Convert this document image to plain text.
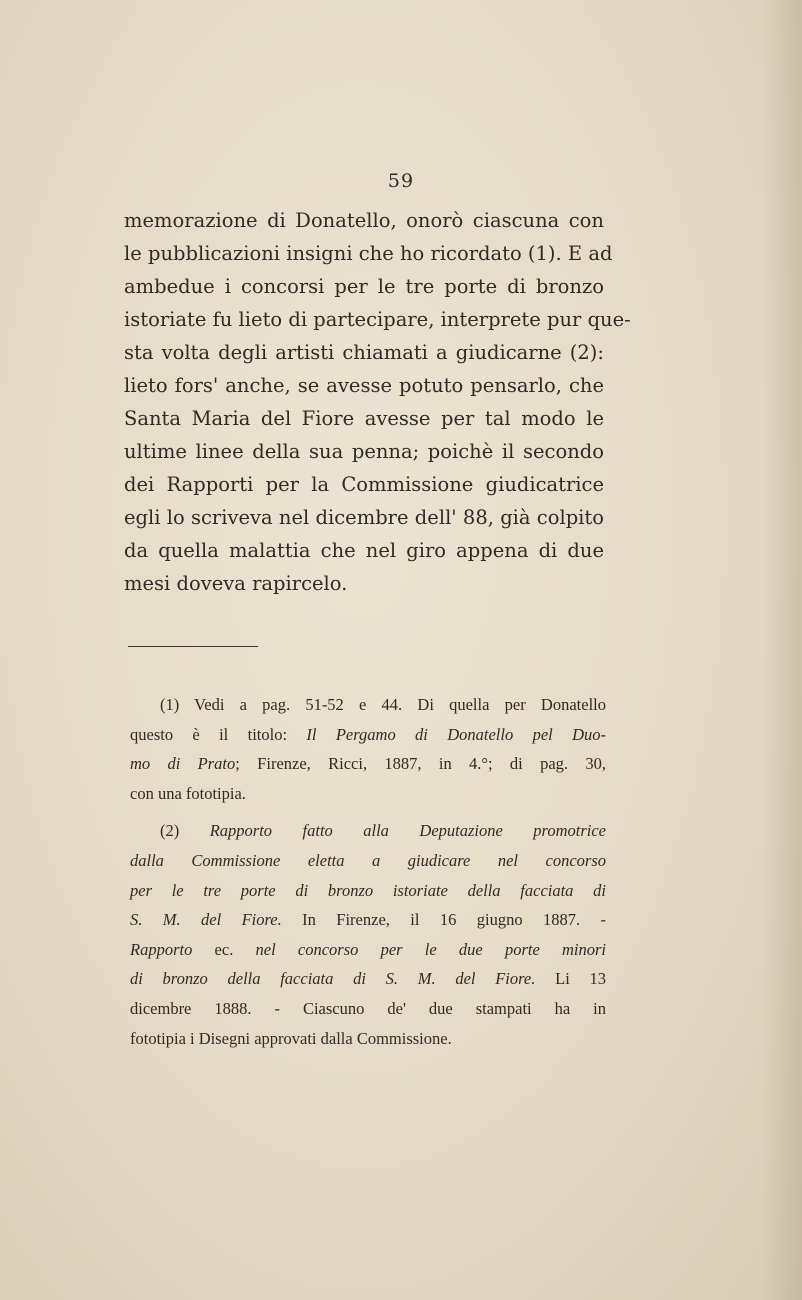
59
memorazione di Donatello, onorò ciascuna con
le pubblicazioni insigni che ho ricordato (1). E ad
ambedue i concorsi per le tre porte di bronzo
istoriate fu lieto di partecipare, interprete pur que-
sta volta degli artisti chiamati a giudicarne (2):
lieto fors' anche, se avesse potuto pensarlo, che
Santa Maria del Fiore avesse per tal modo le
ultime linee della sua penna; poichè il secondo
dei Rapporti per la Commissione giudicatrice
egli lo scriveva nel dicembre dell' 88, già colpito
da quella malattia che nel giro appena di due
mesi doveva rapircelo.
(1) Vedi a pag. 51-52 e 44. Di quella per Donatello
questo è il titolo: Il Pergamo di Donatello pel Duo-
mo di Prato; Firenze, Ricci, 1887, in 4.°; di pag. 30,
con una fototipia.
(2) Rapporto fatto alla Deputazione promotrice
dalla Commissione eletta a giudicare nel concorso
per le tre porte di bronzo istoriate della facciata di
S. M. del Fiore. In Firenze, il 16 giugno 1887. -
Rapporto ec. nel concorso per le due porte minori
di bronzo della facciata di S. M. del Fiore. Li 13
dicembre 1888. - Ciascuno de' due stampati ha in
fototipia i Disegni approvati dalla Commissione.
